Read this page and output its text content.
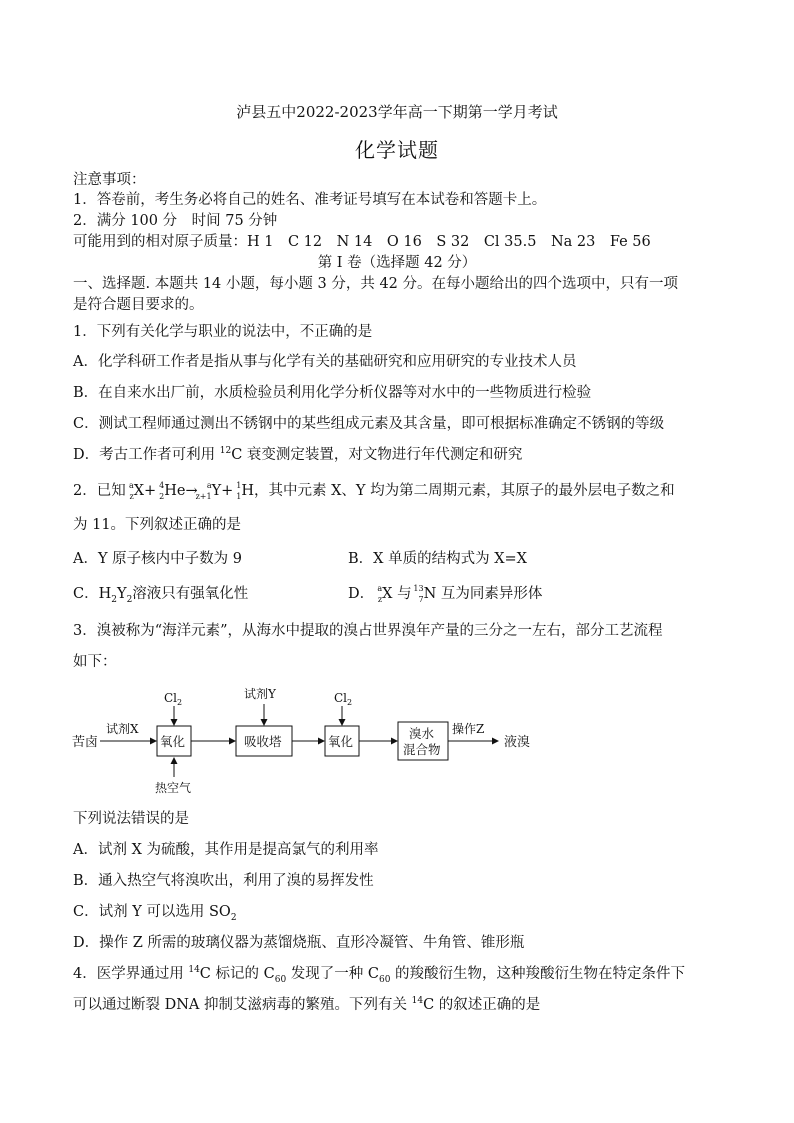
泸县五中2022-2023学年高一下期第一学月考试
化学试题
注意事项：
1．答卷前，考生务必将自己的姓名、准考证号填写在本试卷和答题卡上。
2．满分 100 分　时间 75 分钟
可能用到的相对原子质量：H 1　C 12　N 14　O 16　S 32　Cl 35.5　Na 23　Fe 56
第 I 卷（选择题 42 分）
一、选择题. 本题共 14 小题，每小题 3 分，共 42 分。在每小题给出的四个选项中，只有一项
是符合题目要求的。
1．下列有关化学与职业的说法中，不正确的是
A．化学科研工作者是指从事与化学有关的基础研究和应用研究的专业技术人员
B．在自来水出厂前，水质检验员利用化学分析仪器等对水中的一些物质进行检验
C．测试工程师通过测出不锈钢中的某些组成元素及其含量，即可根据标准确定不锈钢的等级
D．考古工作者可利用 $^{12}$C 衰变测定装置，对文物进行年代测定和研究
2．已知 a
z X+ 4
2 He→ a
z+1 Y+ 1
1 H，其中元素 X、Y 均为第二周期元素，其原子的最外层电子数之和
为 11。下列叙述正确的是
A．Y 原子核内中子数为 9	B．X 单质的结构式为 X=X
C．$H_2Y_2$溶液只有强氧化性	D． a
z X 与 13
7 N 互为同素异形体
3．溴被称为“海洋元素”，从海水中提取的溴占世界溴年产量的三分之一左右，部分工艺流程
如下：
苦卤
试剂X
$Cl_2$
氧化
热空气
试剂Y
吸收塔
$Cl_2$
氧化
溴水
混合物
操作Z
液溴
下列说法错误的是
A．试剂 X 为硫酸，其作用是提高氯气的利用率
B．通入热空气将溴吹出，利用了溴的易挥发性
C．试剂 Y 可以选用 $SO_2$
D．操作 Z 所需的玻璃仪器为蒸馏烧瓶、直形冷凝管、牛角管、锥形瓶
4．医学界通过用 $^{14}$C 标记的 $C_{60}$ 发现了一种 $C_{60}$ 的羧酸衍生物，这种羧酸衍生物在特定条件下
可以通过断裂 DNA 抑制艾滋病毒的繁殖。下列有关 $^{14}$C 的叙述正确的是
